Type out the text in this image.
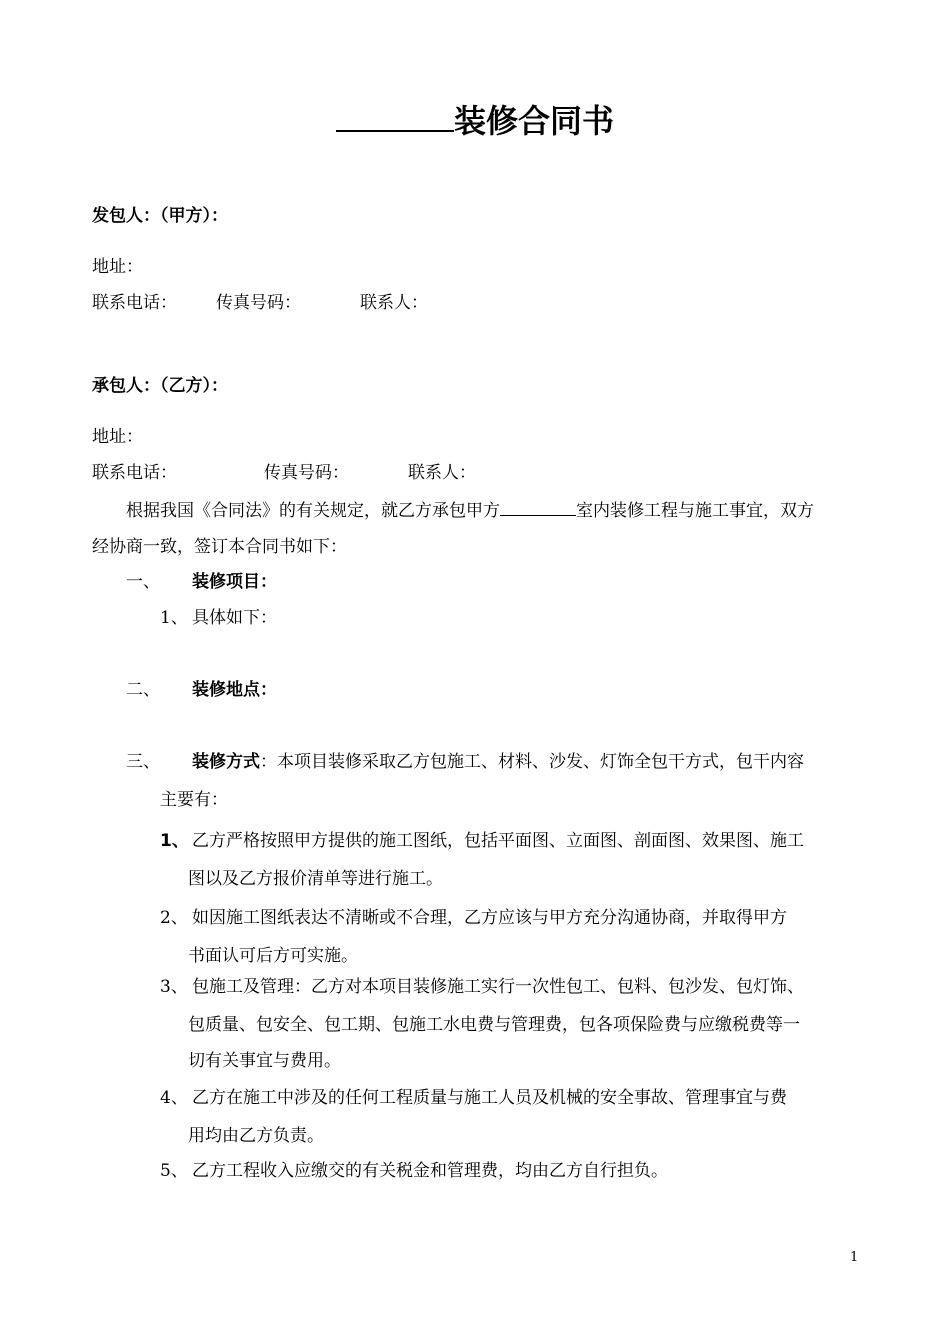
装修合同书
发包人：（甲方）：
地址：
联系电话： 传真号码：	联系人：
承包人：（乙方）：
地址：
联系电话：	传真号码：	联系人：
根据我国《合同法》的有关规定，就乙方承包甲方	室内装修工程与施工事宜，双方
经协商一致，签订本合同书如下：
一、 装修项目：
1、 具体如下：
二、 装修地点：
三、 装修方式：本项目装修采取乙方包施工、材料、沙发、灯饰全包干方式，包干内容
主要有：
1、 乙方严格按照甲方提供的施工图纸，包括平面图、立面图、剖面图、效果图、施工
图以及乙方报价清单等进行施工。
2、 如因施工图纸表达不清晰或不合理，乙方应该与甲方充分沟通协商，并取得甲方
书面认可后方可实施。
3、 包施工及管理：乙方对本项目装修施工实行一次性包工、包料、包沙发、包灯饰、
包质量、包安全、包工期、包施工水电费与管理费，包各项保险费与应缴税费等一
切有关事宜与费用。
4、 乙方在施工中涉及的任何工程质量与施工人员及机械的安全事故、管理事宜与费
用均由乙方负责。
5、 乙方工程收入应缴交的有关税金和管理费，均由乙方自行担负。
1
